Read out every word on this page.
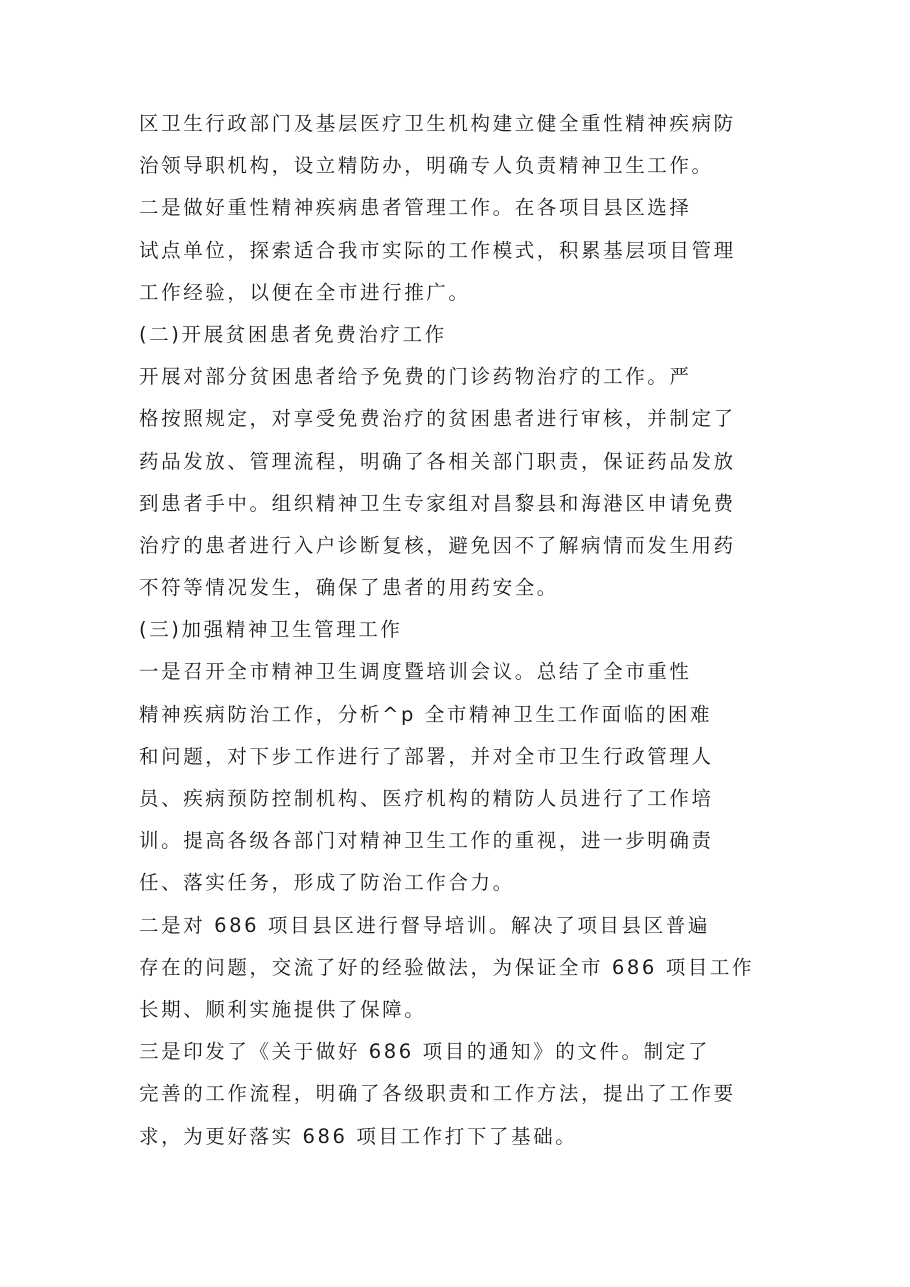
区卫生行政部门及基层医疗卫生机构建立健全重性精神疾病防
治领导职机构，设立精防办，明确专人负责精神卫生工作。
二是做好重性精神疾病患者管理工作。在各项目县区选择
试点单位，探索适合我市实际的工作模式，积累基层项目管理
工作经验，以便在全市进行推广。
(二)开展贫困患者免费治疗工作
开展对部分贫困患者给予免费的门诊药物治疗的工作。严
格按照规定，对享受免费治疗的贫困患者进行审核，并制定了
药品发放、管理流程，明确了各相关部门职责，保证药品发放
到患者手中。组织精神卫生专家组对昌黎县和海港区申请免费
治疗的患者进行入户诊断复核，避免因不了解病情而发生用药
不符等情况发生，确保了患者的用药安全。
(三)加强精神卫生管理工作
一是召开全市精神卫生调度暨培训会议。总结了全市重性
精神疾病防治工作，分析^p 全市精神卫生工作面临的困难
和问题，对下步工作进行了部署，并对全市卫生行政管理人
员、疾病预防控制机构、医疗机构的精防人员进行了工作培
训。提高各级各部门对精神卫生工作的重视，进一步明确责
任、落实任务，形成了防治工作合力。
二是对 686 项目县区进行督导培训。解决了项目县区普遍
存在的问题，交流了好的经验做法，为保证全市 686 项目工作
长期、顺利实施提供了保障。
三是印发了《关于做好 686 项目的通知》的文件。制定了
完善的工作流程，明确了各级职责和工作方法，提出了工作要
求，为更好落实 686 项目工作打下了基础。
